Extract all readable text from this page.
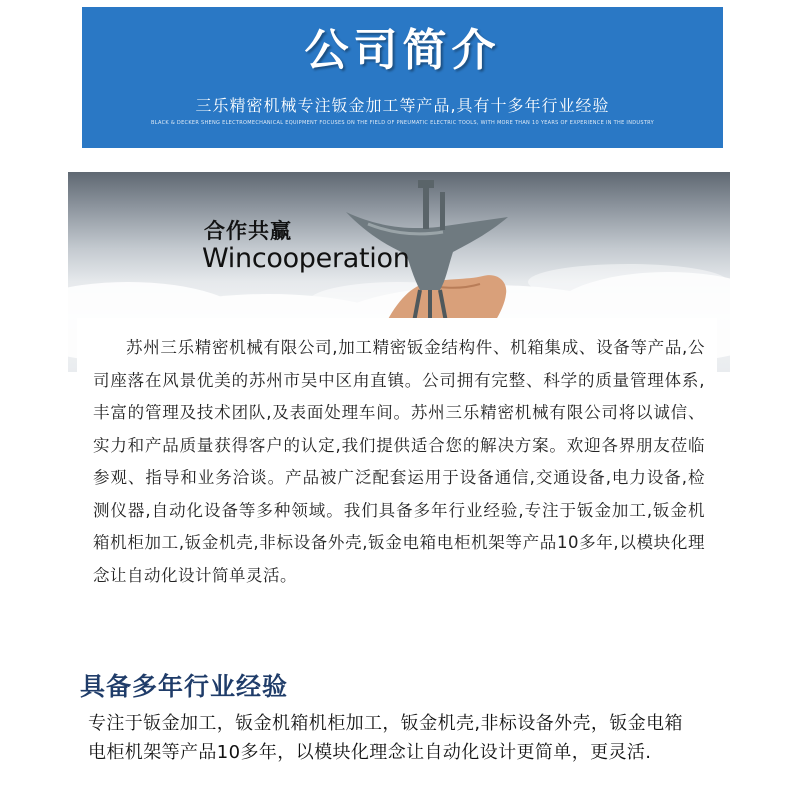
公司简介
三乐精密机械专注钣金加工等产品,具有十多年行业经验
BLACK & DECKER SHENG ELECTROMECHANICAL EQUIPMENT FOCUSES ON THE FIELD OF PNEUMATIC ELECTRIC TOOLS, WITH MORE THAN 10 YEARS OF EXPERIENCE IN THE INDUSTRY
合作共赢
Wincooperation
苏州三乐精密机械有限公司,加工精密钣金结构件、机箱集成、设备等产品,公司座落在风景优美的苏州市吴中区甪直镇。公司拥有完整、科学的质量管理体系,丰富的管理及技术团队,及表面处理车间。苏州三乐精密机械有限公司将以诚信、实力和产品质量获得客户的认定,我们提供适合您的解决方案。欢迎各界朋友莅临参观、指导和业务洽谈。产品被广泛配套运用于设备通信,交通设备,电力设备,检测仪器,自动化设备等多种领域。我们具备多年行业经验,专注于钣金加工,钣金机箱机柜加工,钣金机壳,非标设备外壳,钣金电箱电柜机架等产品10多年,以模块化理念让自动化设计简单灵活。
具备多年行业经验
专注于钣金加工，钣金机箱机柜加工，钣金机壳,非标设备外壳，钣金电箱电柜机架等产品10多年，以模块化理念让自动化设计更简单，更灵活.
